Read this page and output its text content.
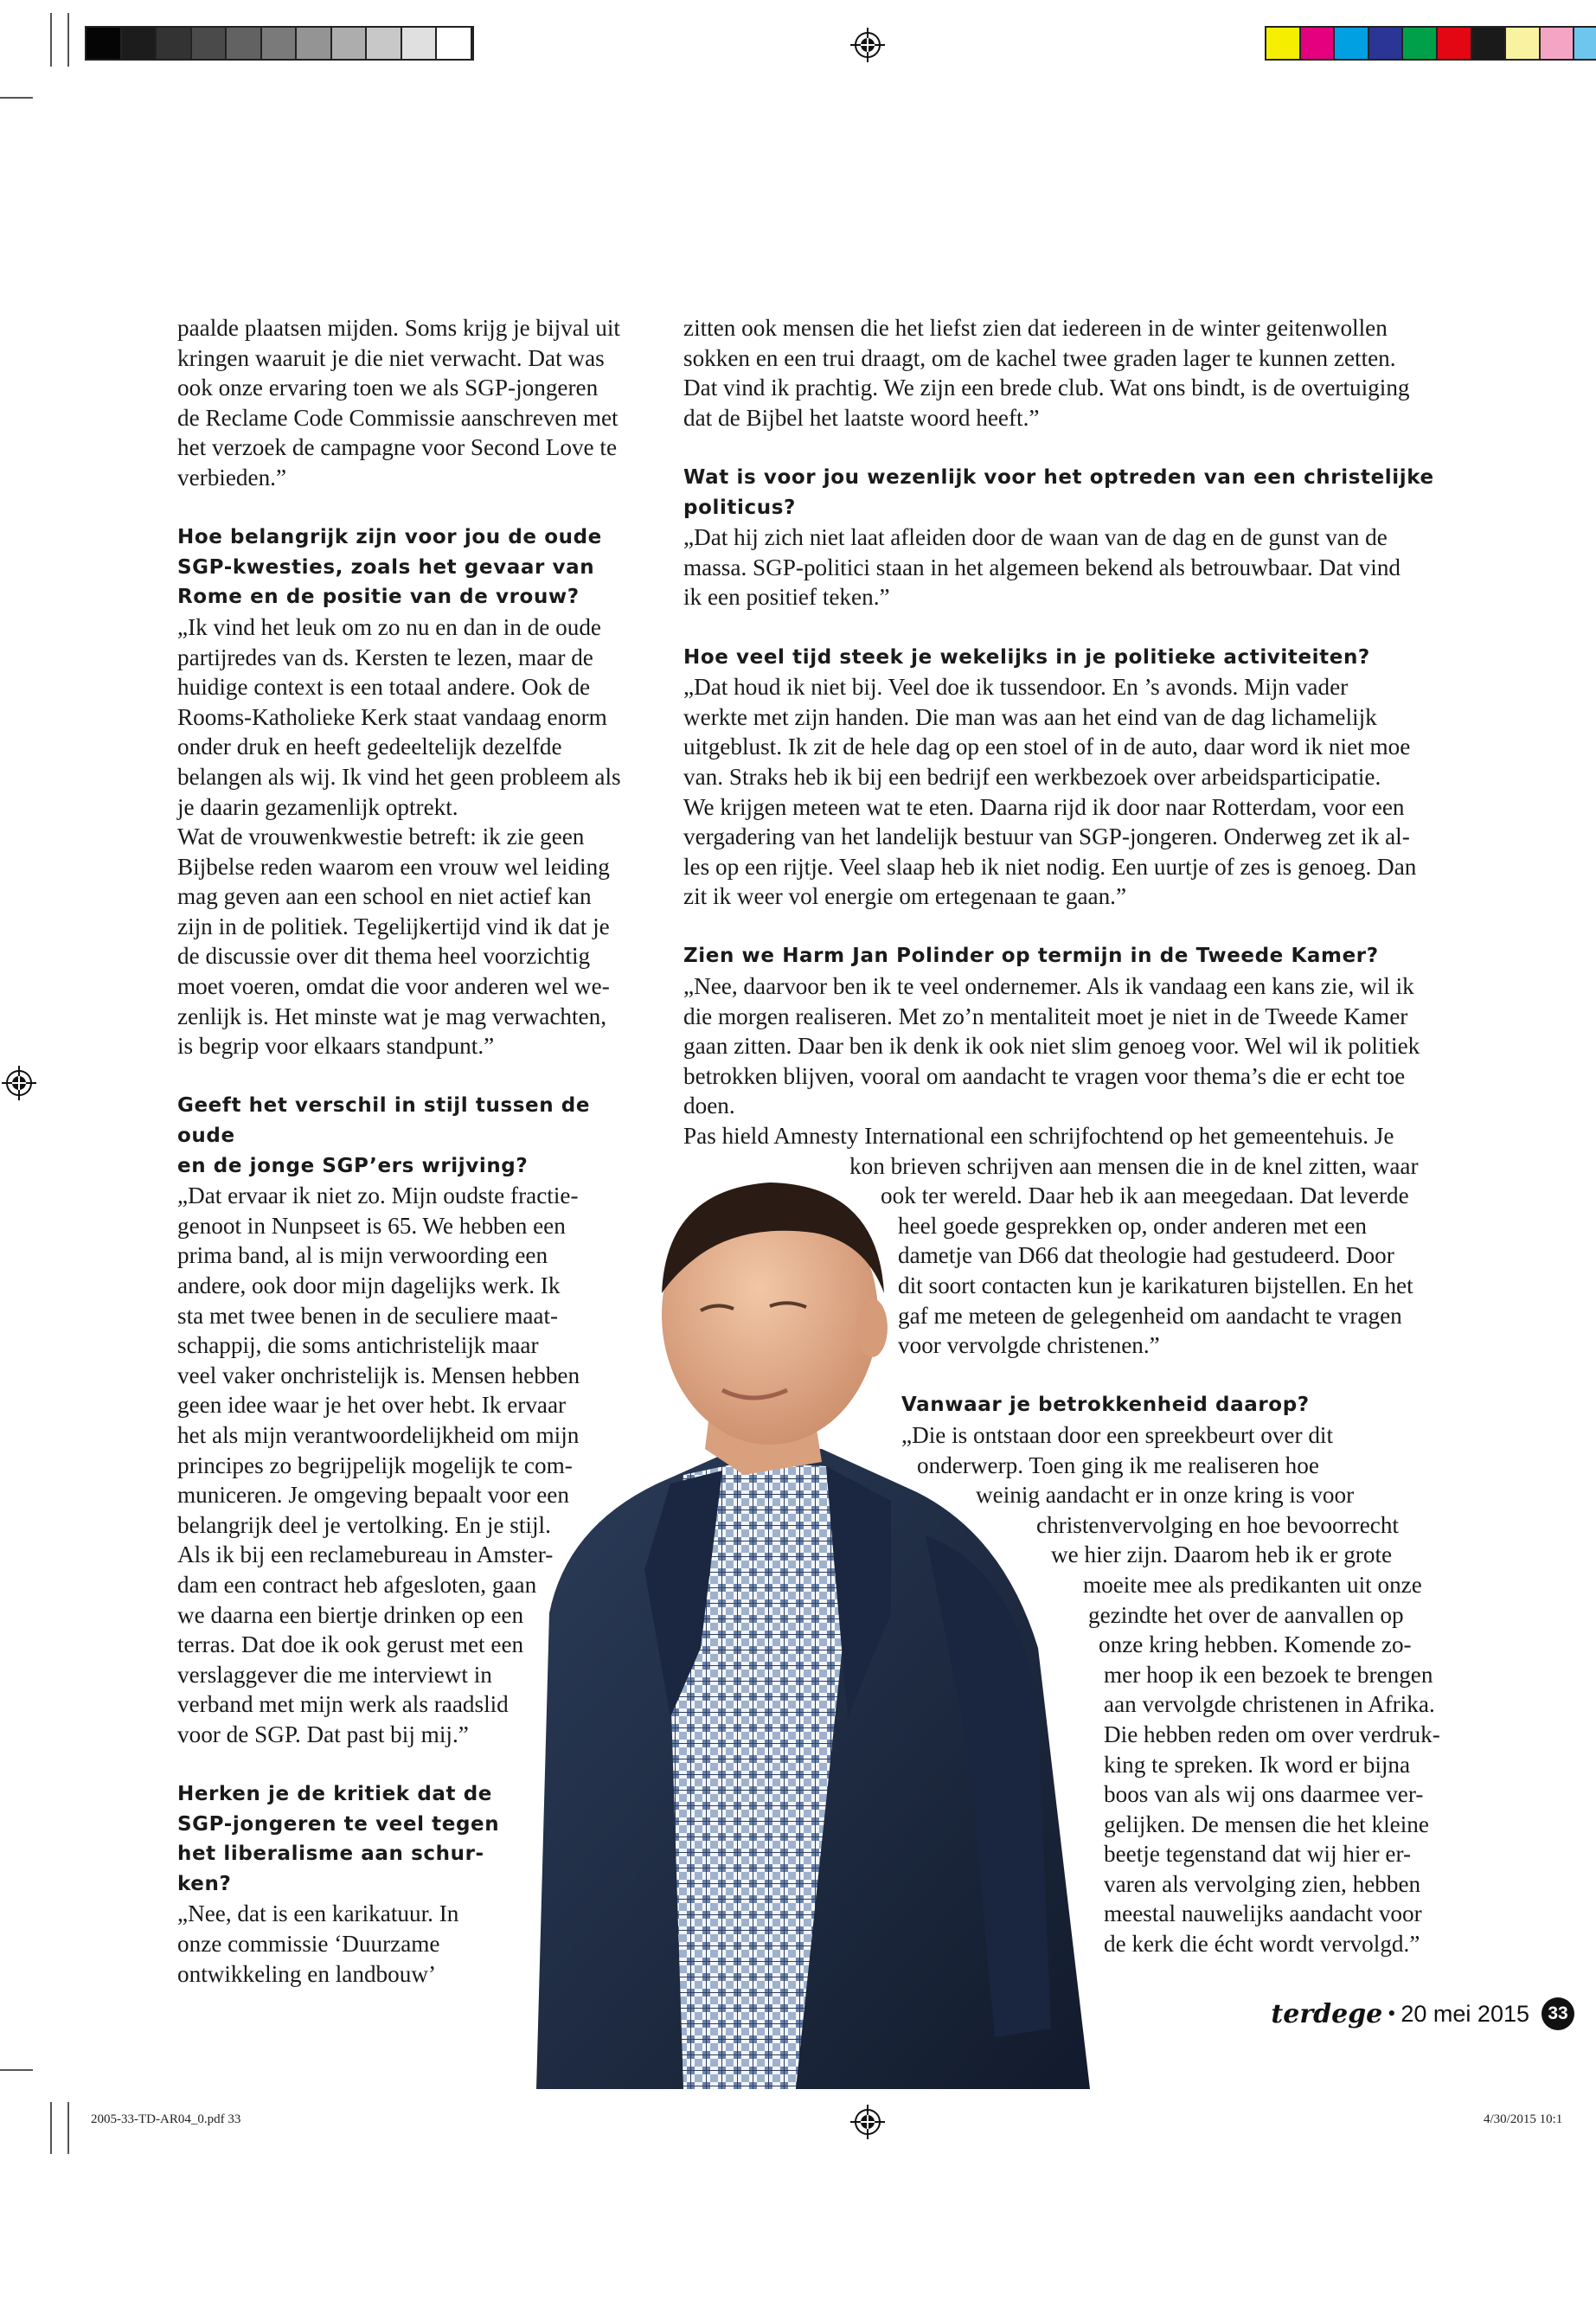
2005-33-TD-AR04_0.pdf 33	4/30/2015 10:1

paalde plaatsen mijden. Soms krijg je bijval uit
kringen waaruit je die niet verwacht. Dat was
ook onze ervaring toen we als SGP-jongeren
de Reclame Code Commissie aanschreven met
het verzoek de campagne voor Second Love te
verbieden.”

Hoe belangrijk zijn voor jou de oude
SGP-kwesties, zoals het gevaar van
Rome en de positie van de vrouw?

„Ik vind het leuk om zo nu en dan in de oude
partijredes van ds. Kersten te lezen, maar de
huidige context is een totaal andere. Ook de
Rooms-Katholieke Kerk staat vandaag enorm
onder druk en heeft gedeeltelijk dezelfde
belangen als wij. Ik vind het geen probleem als
je daarin gezamenlijk optrekt.
Wat de vrouwenkwestie betreft: ik zie geen
Bijbelse reden waarom een vrouw wel leiding
mag geven aan een school en niet actief kan
zijn in de politiek. Tegelijkertijd vind ik dat je
de discussie over dit thema heel voorzichtig
moet voeren, omdat die voor anderen wel we-
zenlijk is. Het minste wat je mag verwachten,
is begrip voor elkaars standpunt.”

Geeft het verschil in stijl tussen de oude
en de jonge SGP’ers wrijving?

„Dat ervaar ik niet zo. Mijn oudste fractie-
genoot in Nunpseet is 65. We hebben een
prima band, al is mijn verwoording een
andere, ook door mijn dagelijks werk. Ik
sta met twee benen in de seculiere maat-
schappij, die soms antichristelijk maar
veel vaker onchristelijk is. Mensen hebben
geen idee waar je het over hebt. Ik ervaar
het als mijn verantwoordelijkheid om mijn
principes zo begrijpelijk mogelijk te com-
municeren. Je omgeving bepaalt voor een
belangrijk deel je vertolking. En je stijl.
Als ik bij een reclamebureau in Amster-
dam een contract heb afgesloten, gaan
we daarna een biertje drinken op een
terras. Dat doe ik ook gerust met een
verslaggever die me interviewt in
verband met mijn werk als raadslid
voor de SGP. Dat past bij mij.”

Herken je de kritiek dat de
SGP-jongeren te veel tegen
het liberalisme aan schur-
ken?

„Nee, dat is een karikatuur. In
onze commissie ‘Duurzame
ontwikkeling en landbouw’

zitten ook mensen die het liefst zien dat iedereen in de winter geitenwollen
sokken en een trui draagt, om de kachel twee graden lager te kunnen zetten.
Dat vind ik prachtig. We zijn een brede club. Wat ons bindt, is de overtuiging
dat de Bijbel het laatste woord heeft.”

Wat is voor jou wezenlijk voor het optreden van een christelijke
politicus?

„Dat hij zich niet laat afleiden door de waan van de dag en de gunst van de
massa. SGP-politici staan in het algemeen bekend als betrouwbaar. Dat vind
ik een positief teken.”

Hoe veel tijd steek je wekelijks in je politieke activiteiten?

„Dat houd ik niet bij. Veel doe ik tussendoor. En ’s avonds. Mijn vader
werkte met zijn handen. Die man was aan het eind van de dag lichamelijk
uitgeblust. Ik zit de hele dag op een stoel of in de auto, daar word ik niet moe
van. Straks heb ik bij een bedrijf een werkbezoek over arbeidsparticipatie.
We krijgen meteen wat te eten. Daarna rijd ik door naar Rotterdam, voor een
vergadering van het landelijk bestuur van SGP-jongeren. Onderweg zet ik al-
les op een rijtje. Veel slaap heb ik niet nodig. Een uurtje of zes is genoeg. Dan
zit ik weer vol energie om ertegenaan te gaan.”

Zien we Harm Jan Polinder op termijn in de Tweede Kamer?

„Nee, daarvoor ben ik te veel ondernemer. Als ik vandaag een kans zie, wil ik
die morgen realiseren. Met zo’n mentaliteit moet je niet in de Tweede Kamer
gaan zitten. Daar ben ik denk ik ook niet slim genoeg voor. Wel wil ik politiek
betrokken blijven, vooral om aandacht te vragen voor thema’s die er echt toe
doen.
Pas hield Amnesty International een schrijfochtend op het gemeentehuis. Je
kon brieven schrijven aan mensen die in de knel zitten, waar
ook ter wereld. Daar heb ik aan meegedaan. Dat leverde
heel goede gesprekken op, onder anderen met een
dametje van D66 dat theologie had gestudeerd. Door
dit soort contacten kun je karikaturen bijstellen. En het
gaf me meteen de gelegenheid om aandacht te vragen
voor vervolgde christenen.”

Vanwaar je betrokkenheid daarop?

„Die is ontstaan door een spreekbeurt over dit
onderwerp. Toen ging ik me realiseren hoe
weinig aandacht er in onze kring is voor
christenvervolging en hoe bevoorrecht
we hier zijn. Daarom heb ik er grote
moeite mee als predikanten uit onze
gezindte het over de aanvallen op
onze kring hebben. Komende zo-
mer hoop ik een bezoek te brengen
aan vervolgde christenen in Afrika.
Die hebben reden om over verdruk-
king te spreken. Ik word er bijna
boos van als wij ons daarmee ver-
gelijken. De mensen die het kleine
beetje tegenstand dat wij hier er-
varen als vervolging zien, hebben
meestal nauwelijks aandacht voor
de kerk die écht wordt vervolgd.”

terdege • 20 mei 2015	33
